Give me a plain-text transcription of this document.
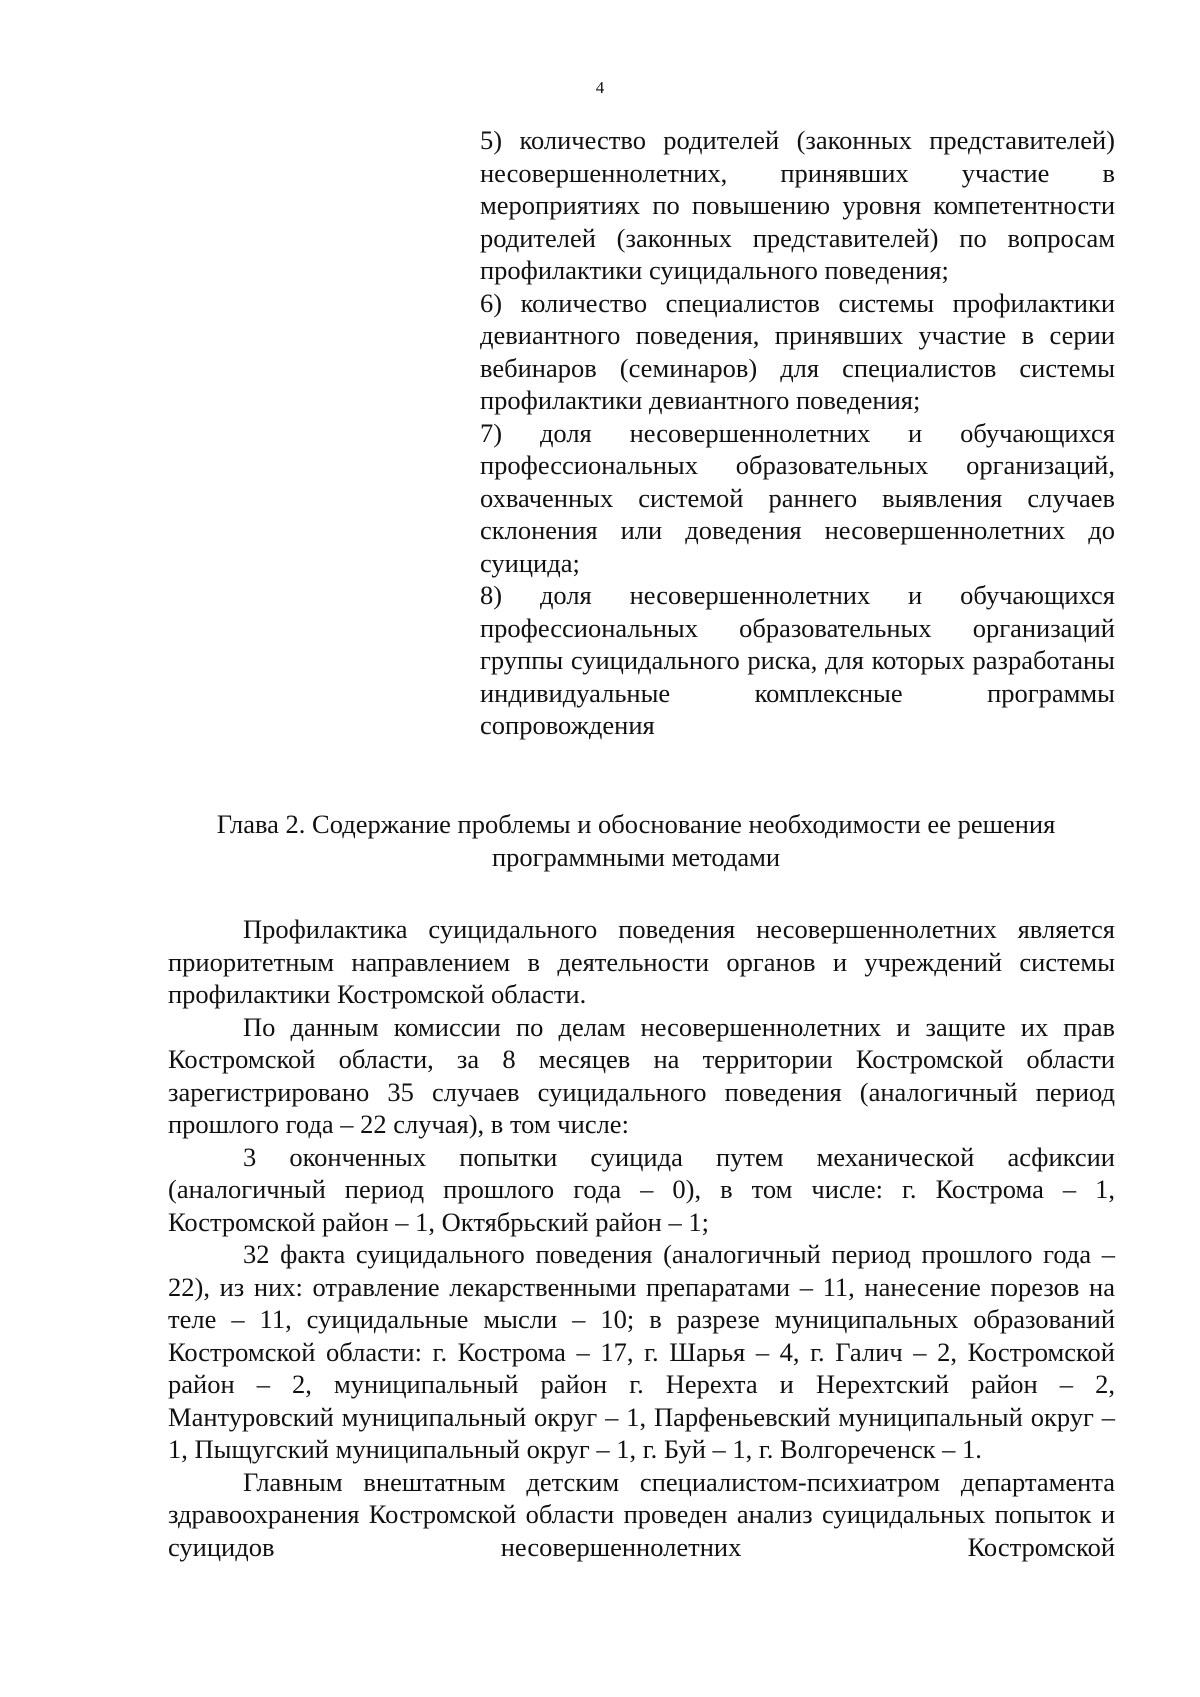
4

5) количество родителей (законных представителей) несовершеннолетних, принявших участие в мероприятиях по повышению уровня компетентности родителей (законных представителей) по вопросам профилактики суицидального поведения;

6) количество специалистов системы профилактики девиантного поведения, принявших участие в серии вебинаров (семинаров) для специалистов системы профилактики девиантного поведения;

7) доля несовершеннолетних и обучающихся профессиональных образовательных организаций, охваченных системой раннего выявления случаев склонения или доведения несовершеннолетних до суицида;

8) доля несовершеннолетних и обучающихся профессиональных образовательных организаций группы суицидального риска, для которых разработаны индивидуальные комплексные программы сопровождения

Глава 2. Содержание проблемы и обоснование необходимости ее решения
программными методами

Профилактика суицидального поведения несовершеннолетних является приоритетным направлением в деятельности органов и учреждений системы профилактики Костромской области.

По данным комиссии по делам несовершеннолетних и защите их прав Костромской области, за 8 месяцев на территории Костромской области зарегистрировано 35 случаев суицидального поведения (аналогичный период прошлого года – 22 случая), в том числе:

3 оконченных попытки суицида путем механической асфиксии (аналогичный период прошлого года – 0), в том числе: г. Кострома – 1, Костромской район – 1, Октябрьский район – 1;

32 факта суицидального поведения (аналогичный период прошлого года – 22), из них: отравление лекарственными препаратами – 11, нанесение порезов на теле – 11, суицидальные мысли – 10; в разрезе муниципальных образований Костромской области: г. Кострома – 17, г. Шарья – 4, г. Галич – 2, Костромской район – 2, муниципальный район г. Нерехта и Нерехтский район – 2, Мантуровский муниципальный округ – 1, Парфеньевский муниципальный округ – 1, Пыщугский муниципальный округ – 1, г. Буй – 1, г. Волгореченск – 1.

Главным внештатным детским специалистом-психиатром департамента здравоохранения Костромской области проведен анализ суицидальных попыток и суицидов несовершеннолетних Костромской
